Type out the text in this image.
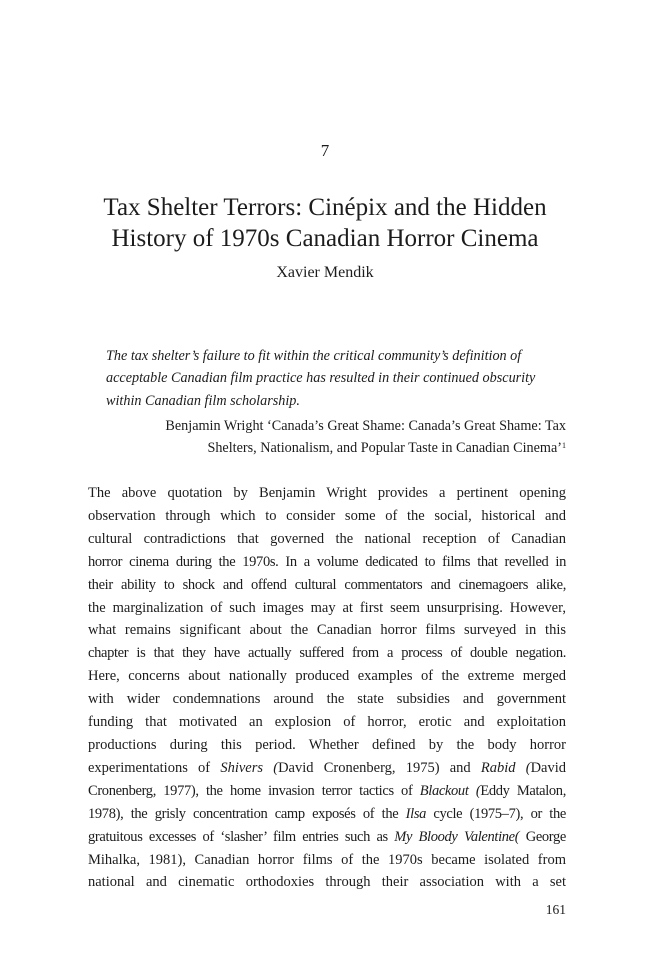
7
Tax Shelter Terrors: Cinépix and the Hidden
History of 1970s Canadian Horror Cinema
Xavier Mendik
The tax shelter’s failure to fit within the critical community’s definition of
acceptable Canadian film practice has resulted in their continued obscurity
within Canadian film scholarship.
Benjamin Wright ‘Canada’s Great Shame: Canada’s Great Shame: Tax
Shelters, Nationalism, and Popular Taste in Canadian Cinema’$^1$
The above quotation by Benjamin Wright provides a pertinent opening
observation through which to consider some of the social, historical and
cultural contradictions that governed the national reception of Canadian
horror cinema during the 1970s. In a volume dedicated to films that revelled in
their ability to shock and offend cultural commentators and cinemagoers alike,
the marginalization of such images may at first seem unsurprising. However,
what remains significant about the Canadian horror films surveyed in this
chapter is that they have actually suffered from a process of double negation.
Here, concerns about nationally produced examples of the extreme merged
with wider condemnations around the state subsidies and government
funding that motivated an explosion of horror, erotic and exploitation
productions during this period. Whether defined by the body horror
experimentations of Shivers (David Cronenberg, 1975) and Rabid (David
Cronenberg, 1977), the home invasion terror tactics of Blackout (Eddy Matalon,
1978), the grisly concentration camp exposés of the Ilsa cycle (1975–7), or the
gratuitous excesses of ‘slasher’ film entries such as My Bloody Valentine( George
Mihalka, 1981), Canadian horror films of the 1970s became isolated from
national and cinematic orthodoxies through their association with a set
161
